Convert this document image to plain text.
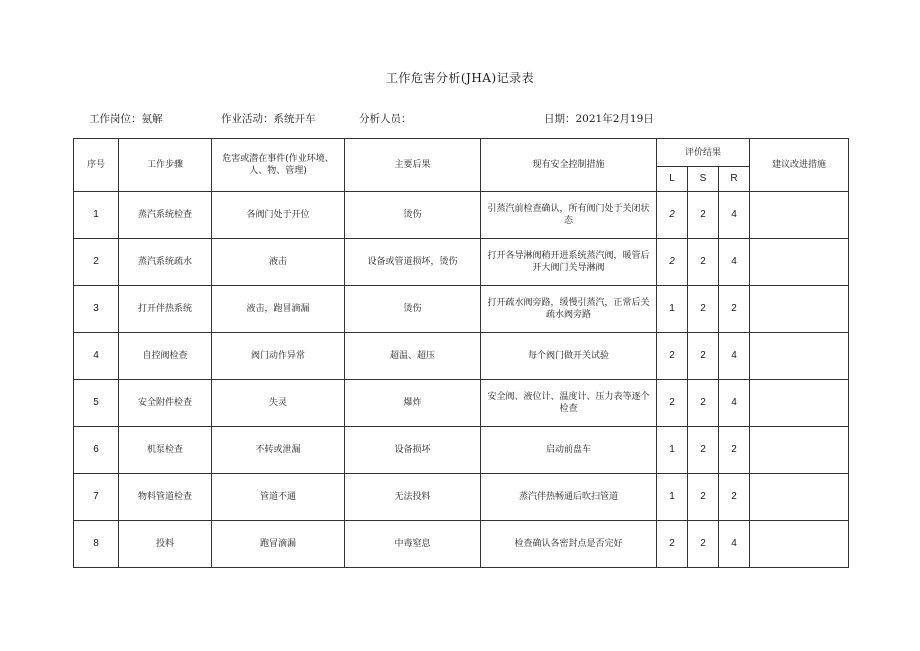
工作危害分析(JHA)记录表
工作岗位：氨解	作业活动：系统开车	分析人员：	日期：2021年2月19日
序号	工作步骤	危害或潜在事件(作业环境、人、物、管理)	主要后果	现有安全控制措施	评价结果			建议改进措施
					L	S	R	
1	蒸汽系统检查	各阀门处于开位	烫伤	引蒸汽前检查确认，所有阀门处于关闭状态	2	2	4	
2	蒸汽系统疏水	液击	设备或管道损坏，烫伤	打开各导淋阀稍开进系统蒸汽阀，暖管后开大阀门关导淋阀	2	2	4	
3	打开伴热系统	液击，跑冒滴漏	烫伤	打开疏水阀旁路，缓慢引蒸汽，正常后关疏水阀旁路	1	2	2	
4	自控阀检查	阀门动作异常	超温、超压	每个阀门做开关试验	2	2	4	
5	安全附件检查	失灵	爆炸	安全阀、液位计、温度计、压力表等逐个检查	2	2	4	
6	机泵检查	不转或泄漏	设备损坏	启动前盘车	1	2	2	
7	物料管道检查	管道不通	无法投料	蒸汽伴热畅通后吹扫管道	1	2	2	
8	投料	跑冒滴漏	中毒窒息	检查确认各密封点是否完好	2	2	4	
